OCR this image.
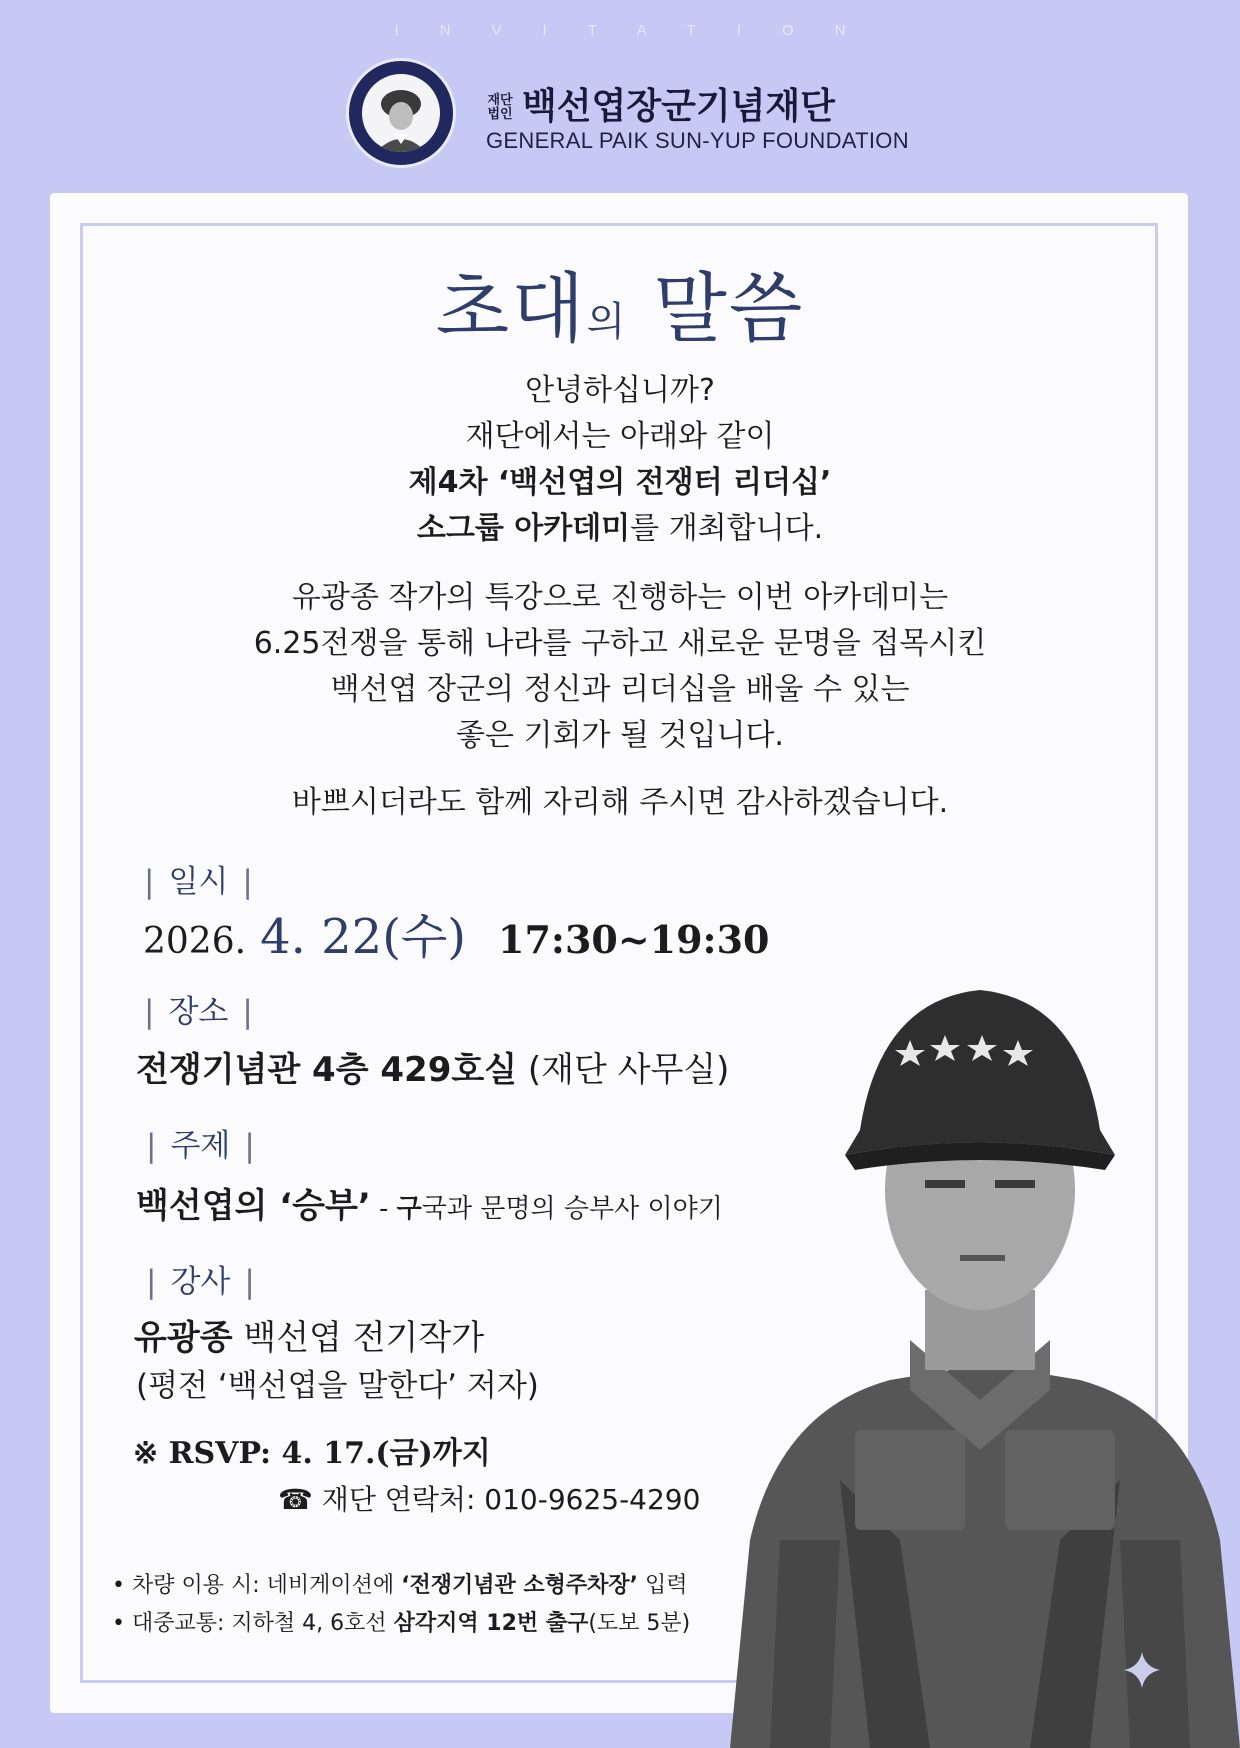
INVITATION
재단
법인 백선엽장군기념재단
GENERAL PAIK SUN-YUP FOUNDATION
초대의 말씀
안녕하십니까?
재단에서는 아래와 같이
제4차 ‘백선엽의 전쟁터 리더십’
소그룹 아카데미를 개최합니다.
유광종 작가의 특강으로 진행하는 이번 아카데미는
6.25전쟁을 통해 나라를 구하고 새로운 문명을 접목시킨
백선엽 장군의 정신과 리더십을 배울 수 있는
좋은 기회가 될 것입니다.
바쁘시더라도 함께 자리해 주시면 감사하겠습니다.
| 일시 |
2026. 4. 22(수) 17:30~19:30
| 장소 |
전쟁기념관 4층 429호실 (재단 사무실)
| 주제 |
백선엽의 ‘승부’ - 구국과 문명의 승부사 이야기
| 강사 |
유광종 백선엽 전기작가
(평전 ‘백선엽을 말한다’ 저자)
※ RSVP: 4. 17.(금)까지
☎ 재단 연락처: 010-9625-4290
• 차량 이용 시: 네비게이션에 ‘전쟁기념관 소형주차장’ 입력
• 대중교통: 지하철 4, 6호선 삼각지역 12번 출구(도보 5분)
